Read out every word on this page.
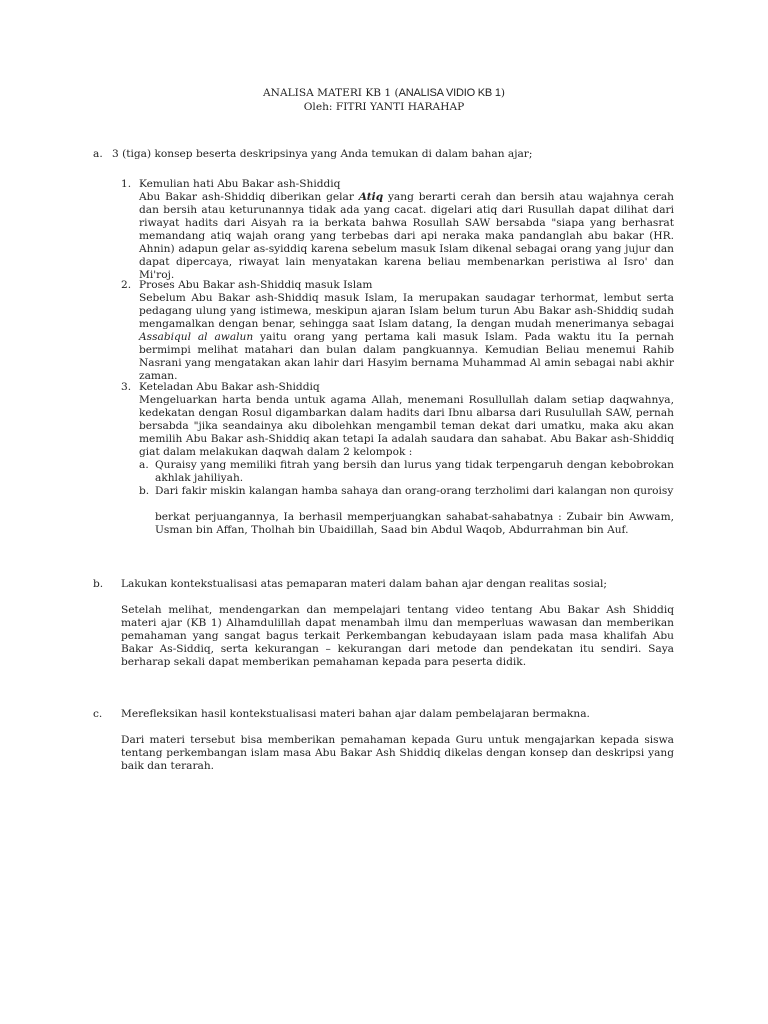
ANALISA MATERI KB 1 (ANALISA VIDIO KB 1)
Oleh: FITRI YANTI HARAHAP
a. 3 (tiga) konsep beserta deskripsinya yang Anda temukan di dalam bahan ajar;
1. Kemulian hati Abu Bakar ash-Shiddiq

Abu Bakar ash-Shiddiq diberikan gelar Atiq yang berarti cerah dan bersih atau wajahnya cerah dan bersih atau keturunannya tidak ada yang cacat. digelari atiq dari Rusullah dapat dilihat dari riwayat hadits dari Aisyah ra ia berkata bahwa Rosullah SAW bersabda "siapa yang berhasrat memandang atiq wajah orang yang terbebas dari api neraka maka pandanglah abu bakar (HR. Ahnin) adapun gelar as-syiddiq karena sebelum masuk Islam dikenal sebagai orang yang jujur dan dapat dipercaya, riwayat lain menyatakan karena beliau membenarkan peristiwa al Isro' dan Mi'roj.

2. Proses Abu Bakar ash-Shiddiq masuk Islam

Sebelum Abu Bakar ash-Shiddiq masuk Islam, Ia merupakan saudagar terhormat, lembut serta pedagang ulung yang istimewa, meskipun ajaran Islam belum turun Abu Bakar ash-Shiddiq sudah mengamalkan dengan benar, sehingga saat Islam datang, Ia dengan mudah menerimanya sebagai Assabiqul al awalun yaitu orang yang pertama kali masuk Islam. Pada waktu itu Ia pernah bermimpi melihat matahari dan bulan dalam pangkuannya. Kemudian Beliau menemui Rahib Nasrani yang mengatakan akan lahir dari Hasyim bernama Muhammad Al amin sebagai nabi akhir zaman.

3. Keteladan Abu Bakar ash-Shiddiq

Mengeluarkan harta benda untuk agama Allah, menemani Rosullullah dalam setiap daqwahnya, kedekatan dengan Rosul digambarkan dalam hadits dari Ibnu albarsa dari Rusulullah SAW, pernah bersabda "jika seandainya aku dibolehkan mengambil teman dekat dari umatku, maka aku akan memilih Abu Bakar ash-Shiddiq akan tetapi Ia adalah saudara dan sahabat. Abu Bakar ash-Shiddiq giat dalam melakukan daqwah dalam 2 kelompok :

a. Quraisy yang memiliki fitrah yang bersih dan lurus yang tidak terpengaruh dengan kebobrokan akhlak jahiliyah.

b. Dari fakir miskin kalangan hamba sahaya dan orang-orang terzholimi dari kalangan non quroisy

berkat perjuangannya, Ia berhasil memperjuangkan sahabat-sahabatnya : Zubair bin Awwam, Usman bin Affan, Tholhah bin Ubaidillah, Saad bin Abdul Waqob, Abdurrahman bin Auf.

b. Lakukan kontekstualisasi atas pemaparan materi dalam bahan ajar dengan realitas sosial;

Setelah melihat, mendengarkan dan mempelajari tentang video tentang Abu Bakar Ash Shiddiq materi ajar (KB 1) Alhamdulillah dapat menambah ilmu dan memperluas wawasan dan memberikan pemahaman yang sangat bagus terkait Perkembangan kebudayaan islam pada masa khalifah Abu Bakar As-Siddiq, serta kekurangan – kekurangan dari metode dan pendekatan itu sendiri. Saya berharap sekali dapat memberikan pemahaman kepada para peserta didik.

c. Merefleksikan hasil kontekstualisasi materi bahan ajar dalam pembelajaran bermakna.

Dari materi tersebut bisa memberikan pemahaman kepada Guru untuk mengajarkan kepada siswa tentang perkembangan islam masa Abu Bakar Ash Shiddiq dikelas dengan konsep dan deskripsi yang baik dan terarah.
